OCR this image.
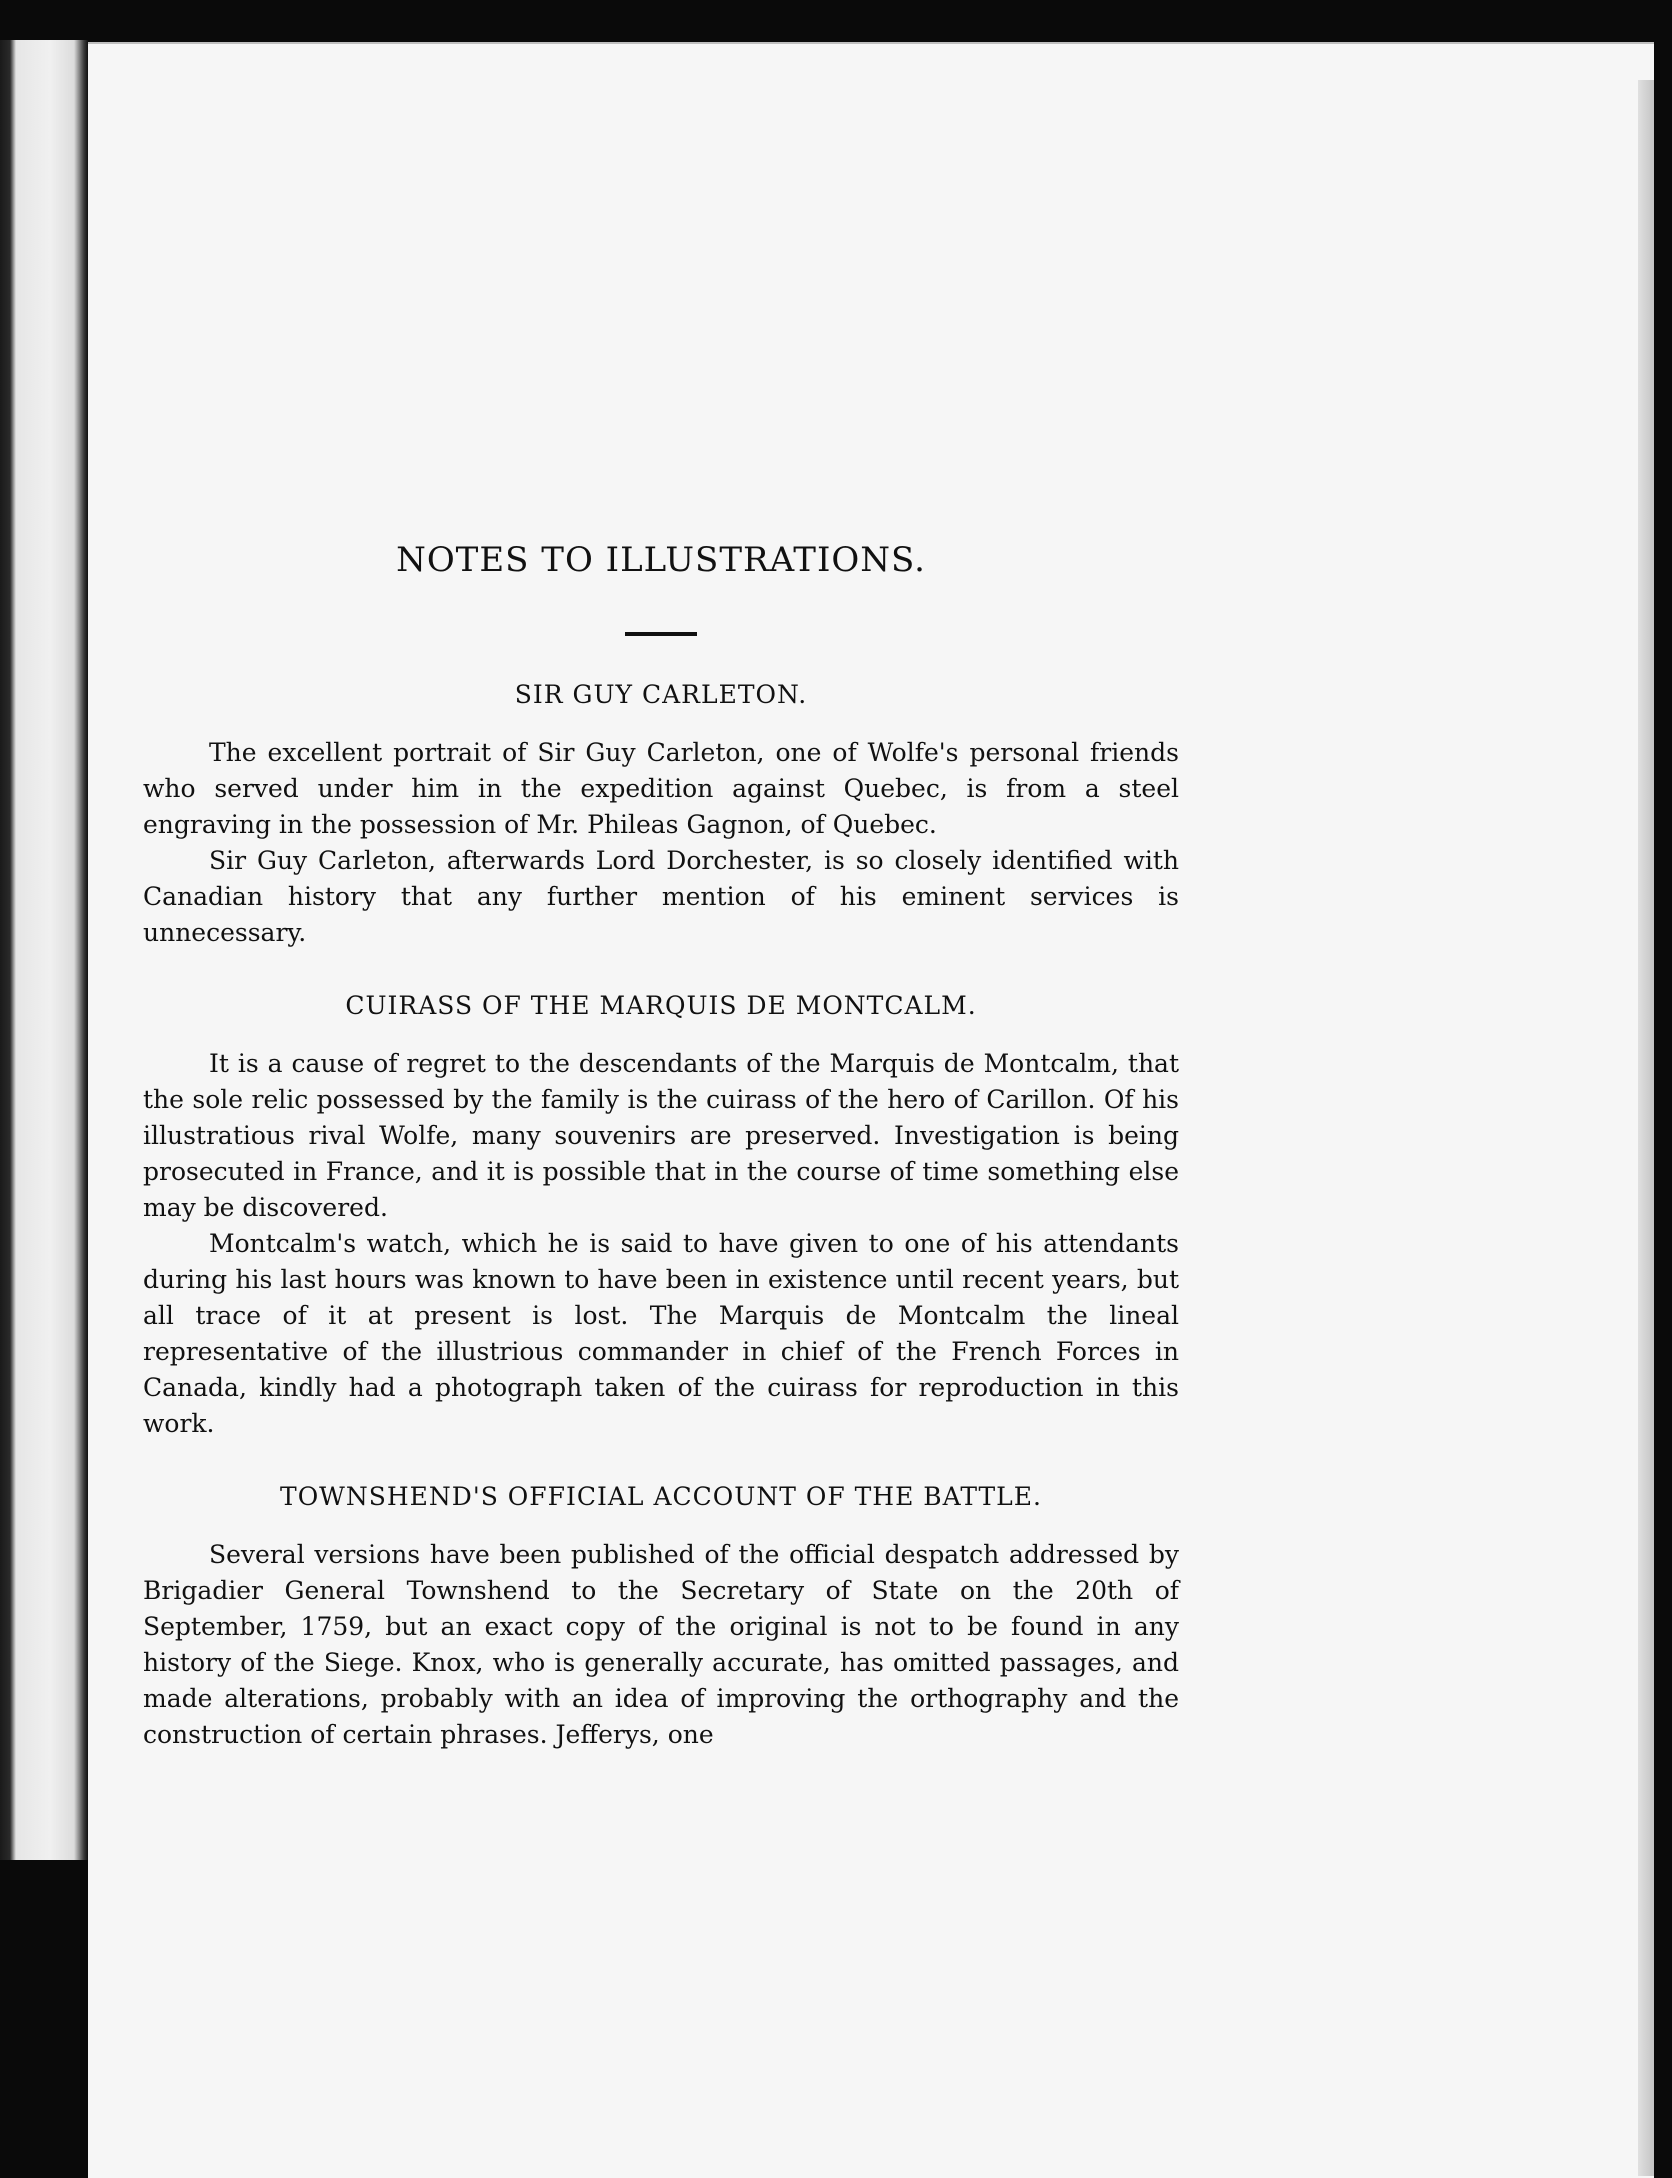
NOTES TO ILLUSTRATIONS.
SIR GUY CARLETON.

The excellent portrait of Sir Guy Carleton, one of Wolfe's personal friends who served under him in the expedition against Quebec, is from a steel engraving in the possession of Mr. Phileas Gagnon, of Quebec.

Sir Guy Carleton, afterwards Lord Dorchester, is so closely identified with Canadian history that any further mention of his eminent services is unnecessary.

CUIRASS OF THE MARQUIS DE MONTCALM.

It is a cause of regret to the descendants of the Marquis de Montcalm, that the sole relic possessed by the family is the cuirass of the hero of Carillon. Of his illustratious rival Wolfe, many souvenirs are preserved. Investigation is being prosecuted in France, and it is possible that in the course of time something else may be discovered.

Montcalm's watch, which he is said to have given to one of his attendants during his last hours was known to have been in existence until recent years, but all trace of it at present is lost. The Marquis de Montcalm the lineal representative of the illustrious commander in chief of the French Forces in Canada, kindly had a photograph taken of the cuirass for reproduction in this work.

TOWNSHEND'S OFFICIAL ACCOUNT OF THE BATTLE.

Several versions have been published of the official despatch addressed by Brigadier General Townshend to the Secretary of State on the 20th of September, 1759, but an exact copy of the original is not to be found in any history of the Siege. Knox, who is generally accurate, has omitted passages, and made alterations, probably with an idea of improving the orthography and the construction of certain phrases. Jefferys, one
